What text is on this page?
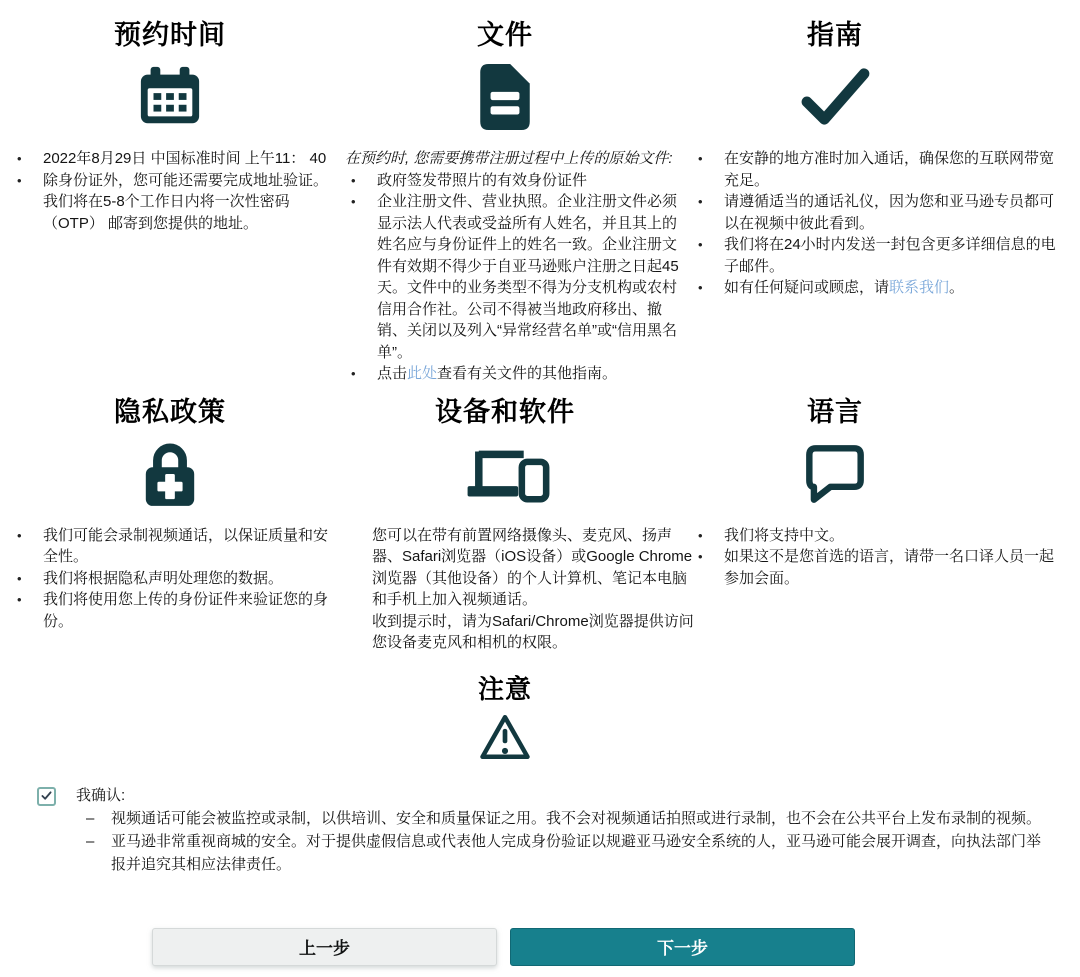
预约时间
•	2022年8月29日 中国标准时间 上午11： 40
•	除身份证外，您可能还需要完成地址验证。我们将在5-8个工作日内将一次性密码（OTP） 邮寄到您提供的地址。
文件

在预约时, 您需要携带注册过程中上传的原始文件:

•	政府签发带照片的有效身份证件
•	企业注册文件、营业执照。企业注册文件必须显示法人代表或受益所有人姓名，并且其上的姓名应与身份证件上的姓名一致。企业注册文件有效期不得少于自亚马逊账户注册之日起45天。文件中的业务类型不得为分支机构或农村信用合作社。公司不得被当地政府移出、撤销、关闭以及列入“异常经营名单”或“信用黑名单”。
•	点击此处查看有关文件的其他指南。
指南
•	在安静的地方准时加入通话，确保您的互联网带宽充足。
•	请遵循适当的通话礼仪，因为您和亚马逊专员都可以在视频中彼此看到。
•	我们将在24小时内发送一封包含更多详细信息的电子邮件。
•	如有任何疑问或顾虑，请联系我们。
隐私政策
•	我们可能会录制视频通话，以保证质量和安全性。
•	我们将根据隐私声明处理您的数据。
•	我们将使用您上传的身份证件来验证您的身份。
设备和软件

您可以在带有前置网络摄像头、麦克风、扬声器、Safari浏览器（iOS设备）或Google Chrome浏览器（其他设备）的个人计算机、笔记本电脑和手机上加入视频通话。

收到提示时，请为Safari/Chrome浏览器提供访问您设备麦克风和相机的权限。

语言
•	我们将支持中文。
•	如果这不是您首选的语言，请带一名口译人员一起参加会面。
注意

我确认:

–	视频通话可能会被监控或录制，以供培训、安全和质量保证之用。我不会对视频通话拍照或进行录制，也不会在公共平台上发布录制的视频。
–	亚马逊非常重视商城的安全。对于提供虚假信息或代表他人完成身份验证以规避亚马逊安全系统的人，亚马逊可能会展开调查，向执法部门举报并追究其相应法律责任。
上一步	下一步
